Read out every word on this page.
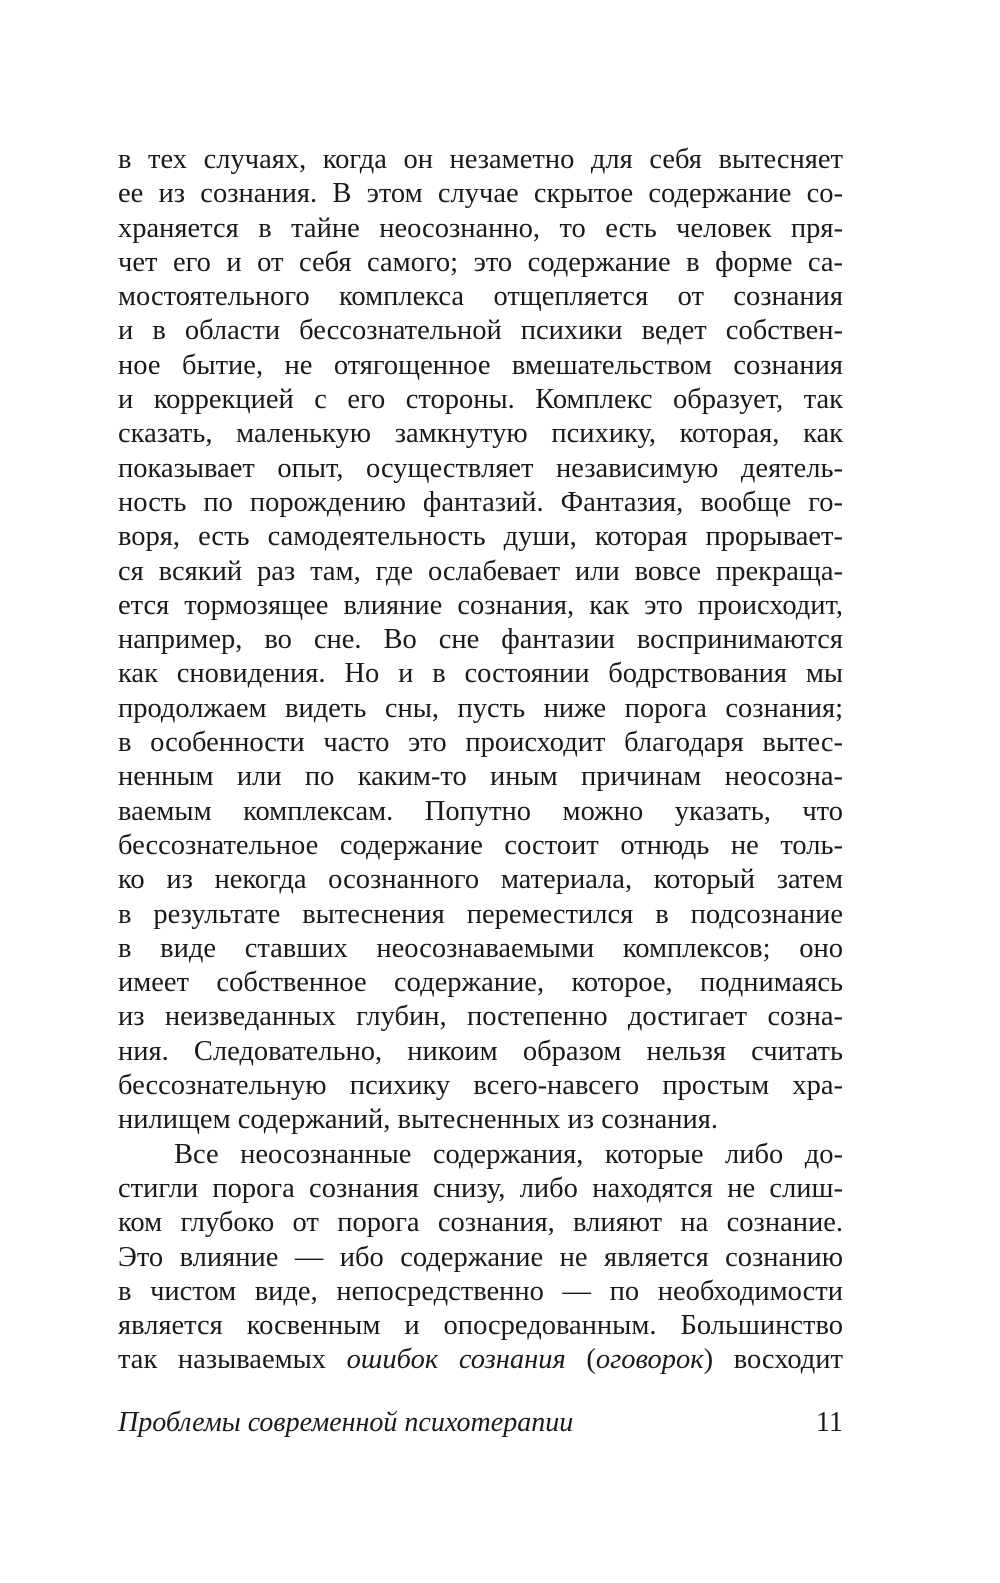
в тех случаях, когда он незаметно для себя вытесняет
ее из сознания. В этом случае скрытое содержание со-
храняется в тайне неосознанно, то есть человек пря-
чет его и от себя самого; это содержание в форме са-
мостоятельного комплекса отщепляется от сознания
и в области бессознательной психики ведет собствен-
ное бытие, не отягощенное вмешательством сознания
и коррекцией с его стороны. Комплекс образует, так
сказать, маленькую замкнутую психику, которая, как
показывает опыт, осуществляет независимую деятель-
ность по порождению фантазий. Фантазия, вообще го-
воря, есть самодеятельность души, которая прорывает-
ся всякий раз там, где ослабевает или вовсе прекраща-
ется тормозящее влияние сознания, как это происходит,
например, во сне. Во сне фантазии воспринимаются
как сновидения. Но и в состоянии бодрствования мы
продолжаем видеть сны, пусть ниже порога сознания;
в особенности часто это происходит благодаря вытес-
ненным или по каким-то иным причинам неосозна-
ваемым комплексам. Попутно можно указать, что
бессознательное содержание состоит отнюдь не толь-
ко из некогда осознанного материала, который затем
в результате вытеснения переместился в подсознание
в виде ставших неосознаваемыми комплексов; оно
имеет собственное содержание, которое, поднимаясь
из неизведанных глубин, постепенно достигает созна-
ния. Следовательно, никоим образом нельзя считать
бессознательную психику всего-навсего простым хра-
нилищем содержаний, вытесненных из сознания.
Все неосознанные содержания, которые либо до-
стигли порога сознания снизу, либо находятся не слиш-
ком глубоко от порога сознания, влияют на сознание.
Это влияние — ибо содержание не является сознанию
в чистом виде, непосредственно — по необходимости
является косвенным и опосредованным. Большинство
так называемых ошибок сознания (оговорок) восходит
Проблемы современной психотерапии	11
